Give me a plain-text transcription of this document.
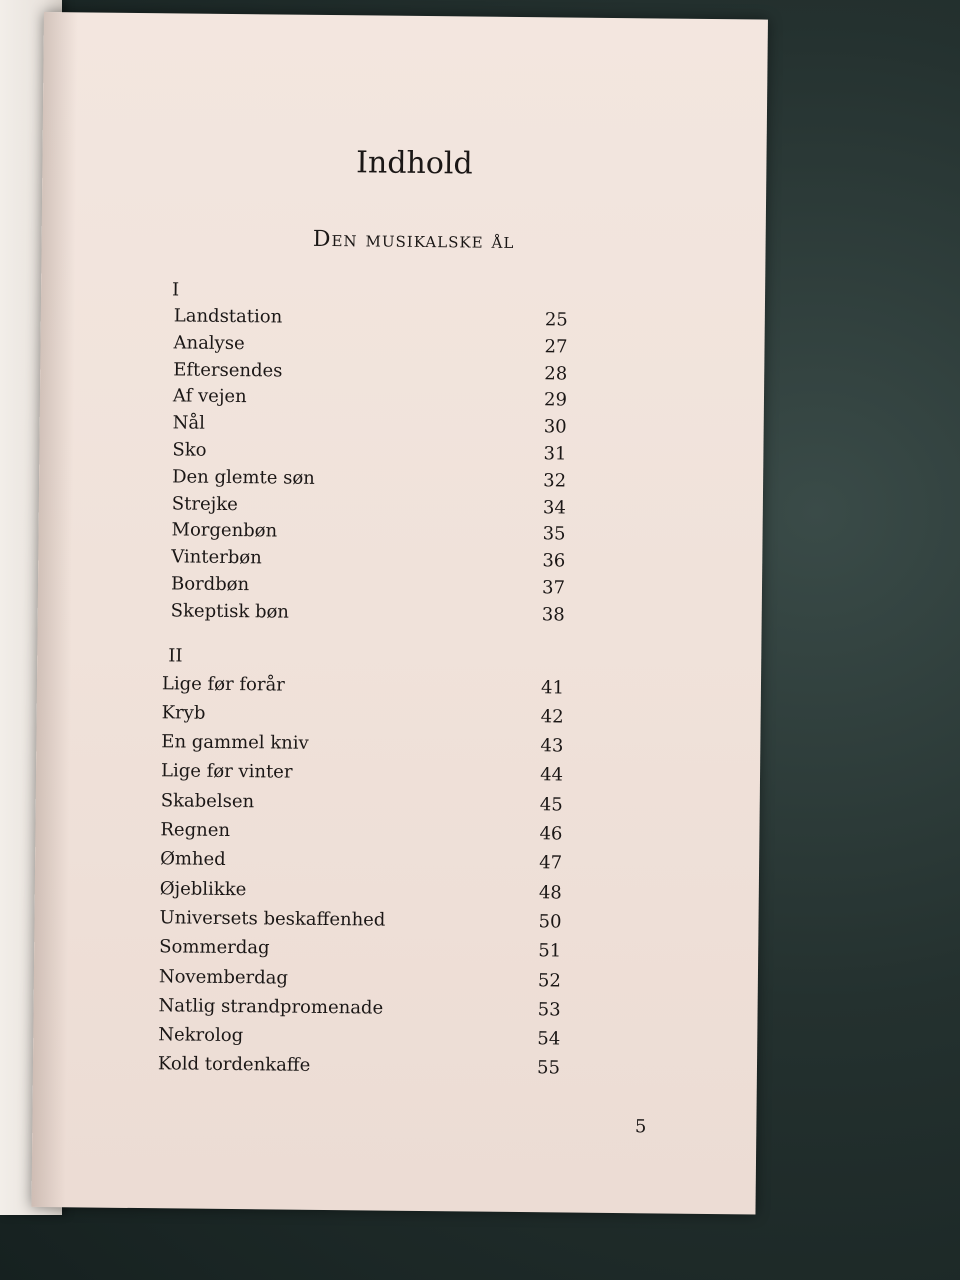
Indhold
Den musikalske ål
I
Landstation	25
Analyse	27
Eftersendes	28
Af vejen	29
Nål	30
Sko	31
Den glemte søn	32
Strejke	34
Morgenbøn	35
Vinterbøn	36
Bordbøn	37
Skeptisk bøn	38
II
Lige før forår	41
Kryb	42
En gammel kniv	43
Lige før vinter	44
Skabelsen	45
Regnen	46
Ømhed	47
Øjeblikke	48
Universets beskaffenhed	50
Sommerdag	51
Novemberdag	52
Natlig strandpromenade	53
Nekrolog	54
Kold tordenkaffe	55
5
